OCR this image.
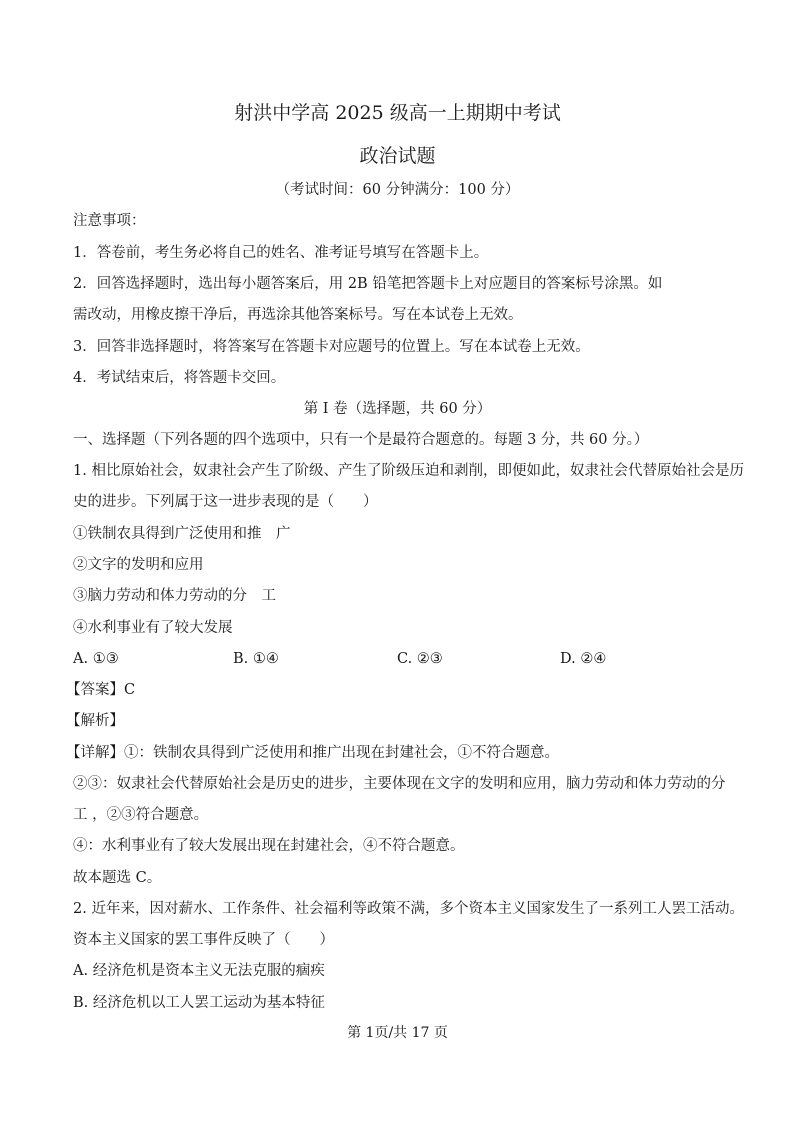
射洪中学高 2025 级高一上期期中考试
政治试题
（考试时间：60 分钟满分：100 分）
注意事项：
1．答卷前，考生务必将自己的姓名、准考证号填写在答题卡上。
2．回答选择题时，选出每小题答案后，用 2B 铅笔把答题卡上对应题目的答案标号涂黑。如
需改动，用橡皮擦干净后，再选涂其他答案标号。写在本试卷上无效。
3．回答非选择题时，将答案写在答题卡对应题号的位置上。写在本试卷上无效。
4．考试结束后，将答题卡交回。
第 I 卷（选择题，共 60 分）
一、选择题（下列各题的四个选项中，只有一个是最符合题意的。每题 3 分，共 60 分。）
1. 相比原始社会，奴隶社会产生了阶级、产生了阶级压迫和剥削，即便如此，奴隶社会代替原始社会是历
史的进步。下列属于这一进步表现的是（　　）
①铁制农具得到广泛使用和推　广
②文字的发明和应用
③脑力劳动和体力劳动的分　工
④水利事业有了较大发展
A. ①③	B. ①④	C. ②③	D. ②④
【答案】C
【解析】
【详解】①：铁制农具得到广泛使用和推广出现在封建社会，①不符合题意。
②③：奴隶社会代替原始社会是历史的进步，主要体现在文字的发明和应用，脑力劳动和体力劳动的分
工 ，②③符合题意。
④：水利事业有了较大发展出现在封建社会，④不符合题意。
故本题选 C。
2. 近年来，因对薪水、工作条件、社会福利等政策不满，多个资本主义国家发生了一系列工人罢工活动。
资本主义国家的罢工事件反映了（　　）
A. 经济危机是资本主义无法克服的痼疾
B. 经济危机以工人罢工运动为基本特征
第 1页/共 17 页
